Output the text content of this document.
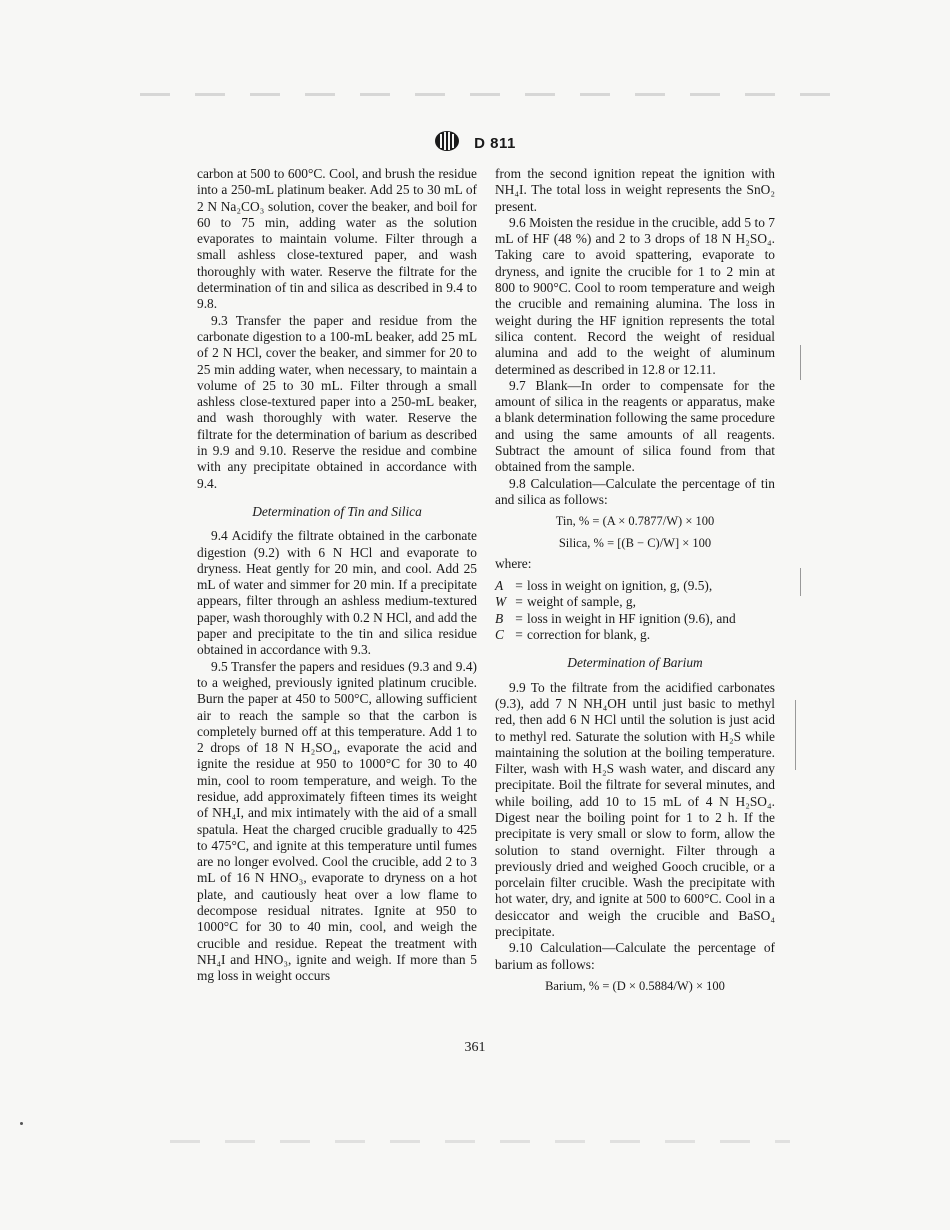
D 811

carbon at 500 to 600°C. Cool, and brush the residue into a 250-mL platinum beaker. Add 25 to 30 mL of 2 N Na₂CO₃ solution, cover the beaker, and boil for 60 to 75 min, adding water as the solution evaporates to maintain volume. Filter through a small ashless close-textured paper, and wash thoroughly with water. Reserve the filtrate for the determination of tin and silica as described in 9.4 to 9.8.

9.3 Transfer the paper and residue from the carbonate digestion to a 100-mL beaker, add 25 mL of 2 N HCl, cover the beaker, and simmer for 20 to 25 min adding water, when necessary, to maintain a volume of 25 to 30 mL. Filter through a small ashless close-textured paper into a 250-mL beaker, and wash thoroughly with water. Reserve the filtrate for the determination of barium as described in 9.9 and 9.10. Reserve the residue and combine with any precipitate obtained in accordance with 9.4.

Determination of Tin and Silica

9.4 Acidify the filtrate obtained in the carbonate digestion (9.2) with 6 N HCl and evaporate to dryness. Heat gently for 20 min, and cool. Add 25 mL of water and simmer for 20 min. If a precipitate appears, filter through an ashless medium-textured paper, wash thoroughly with 0.2 N HCl, and add the paper and precipitate to the tin and silica residue obtained in accordance with 9.3.

9.5 Transfer the papers and residues (9.3 and 9.4) to a weighed, previously ignited platinum crucible. Burn the paper at 450 to 500°C, allowing sufficient air to reach the sample so that the carbon is completely burned off at this temperature. Add 1 to 2 drops of 18 N H₂SO₄, evaporate the acid and ignite the residue at 950 to 1000°C for 30 to 40 min, cool to room temperature, and weigh. To the residue, add approximately fifteen times its weight of NH₄I, and mix intimately with the aid of a small spatula. Heat the charged crucible gradually to 425 to 475°C, and ignite at this temperature until fumes are no longer evolved. Cool the crucible, add 2 to 3 mL of 16 N HNO₃, evaporate to dryness on a hot plate, and cautiously heat over a low flame to decompose residual nitrates. Ignite at 950 to 1000°C for 30 to 40 min, cool, and weigh the crucible and residue. Repeat the treatment with NH₄I and HNO₃, ignite and weigh. If more than 5 mg loss in weight occurs

from the second ignition repeat the ignition with NH₄I. The total loss in weight represents the SnO₂ present.

9.6 Moisten the residue in the crucible, add 5 to 7 mL of HF (48 %) and 2 to 3 drops of 18 N H₂SO₄. Taking care to avoid spattering, evaporate to dryness, and ignite the crucible for 1 to 2 min at 800 to 900°C. Cool to room temperature and weigh the crucible and remaining alumina. The loss in weight during the HF ignition represents the total silica content. Record the weight of residual alumina and add to the weight of aluminum determined as described in 12.8 or 12.11.

9.7 Blank—In order to compensate for the amount of silica in the reagents or apparatus, make a blank determination following the same procedure and using the same amounts of all reagents. Subtract the amount of silica found from that obtained from the sample.

9.8 Calculation—Calculate the percentage of tin and silica as follows:

Tin, % = (A × 0.7877/W) × 100
Silica, % = [(B − C)/W] × 100

where:

A = loss in weight on ignition, g, (9.5),
W = weight of sample, g,
B = loss in weight in HF ignition (9.6), and
C = correction for blank, g.
Determination of Barium

9.9 To the filtrate from the acidified carbonates (9.3), add 7 N NH₄OH until just basic to methyl red, then add 6 N HCl until the solution is just acid to methyl red. Saturate the solution with H₂S while maintaining the solution at the boiling temperature. Filter, wash with H₂S wash water, and discard any precipitate. Boil the filtrate for several minutes, and while boiling, add 10 to 15 mL of 4 N H₂SO₄. Digest near the boiling point for 1 to 2 h. If the precipitate is very small or slow to form, allow the solution to stand overnight. Filter through a previously dried and weighed Gooch crucible, or a porcelain filter crucible. Wash the precipitate with hot water, dry, and ignite at 500 to 600°C. Cool in a desiccator and weigh the crucible and BaSO₄ precipitate.

9.10 Calculation—Calculate the percentage of barium as follows:

Barium, % = (D × 0.5884/W) × 100
361
